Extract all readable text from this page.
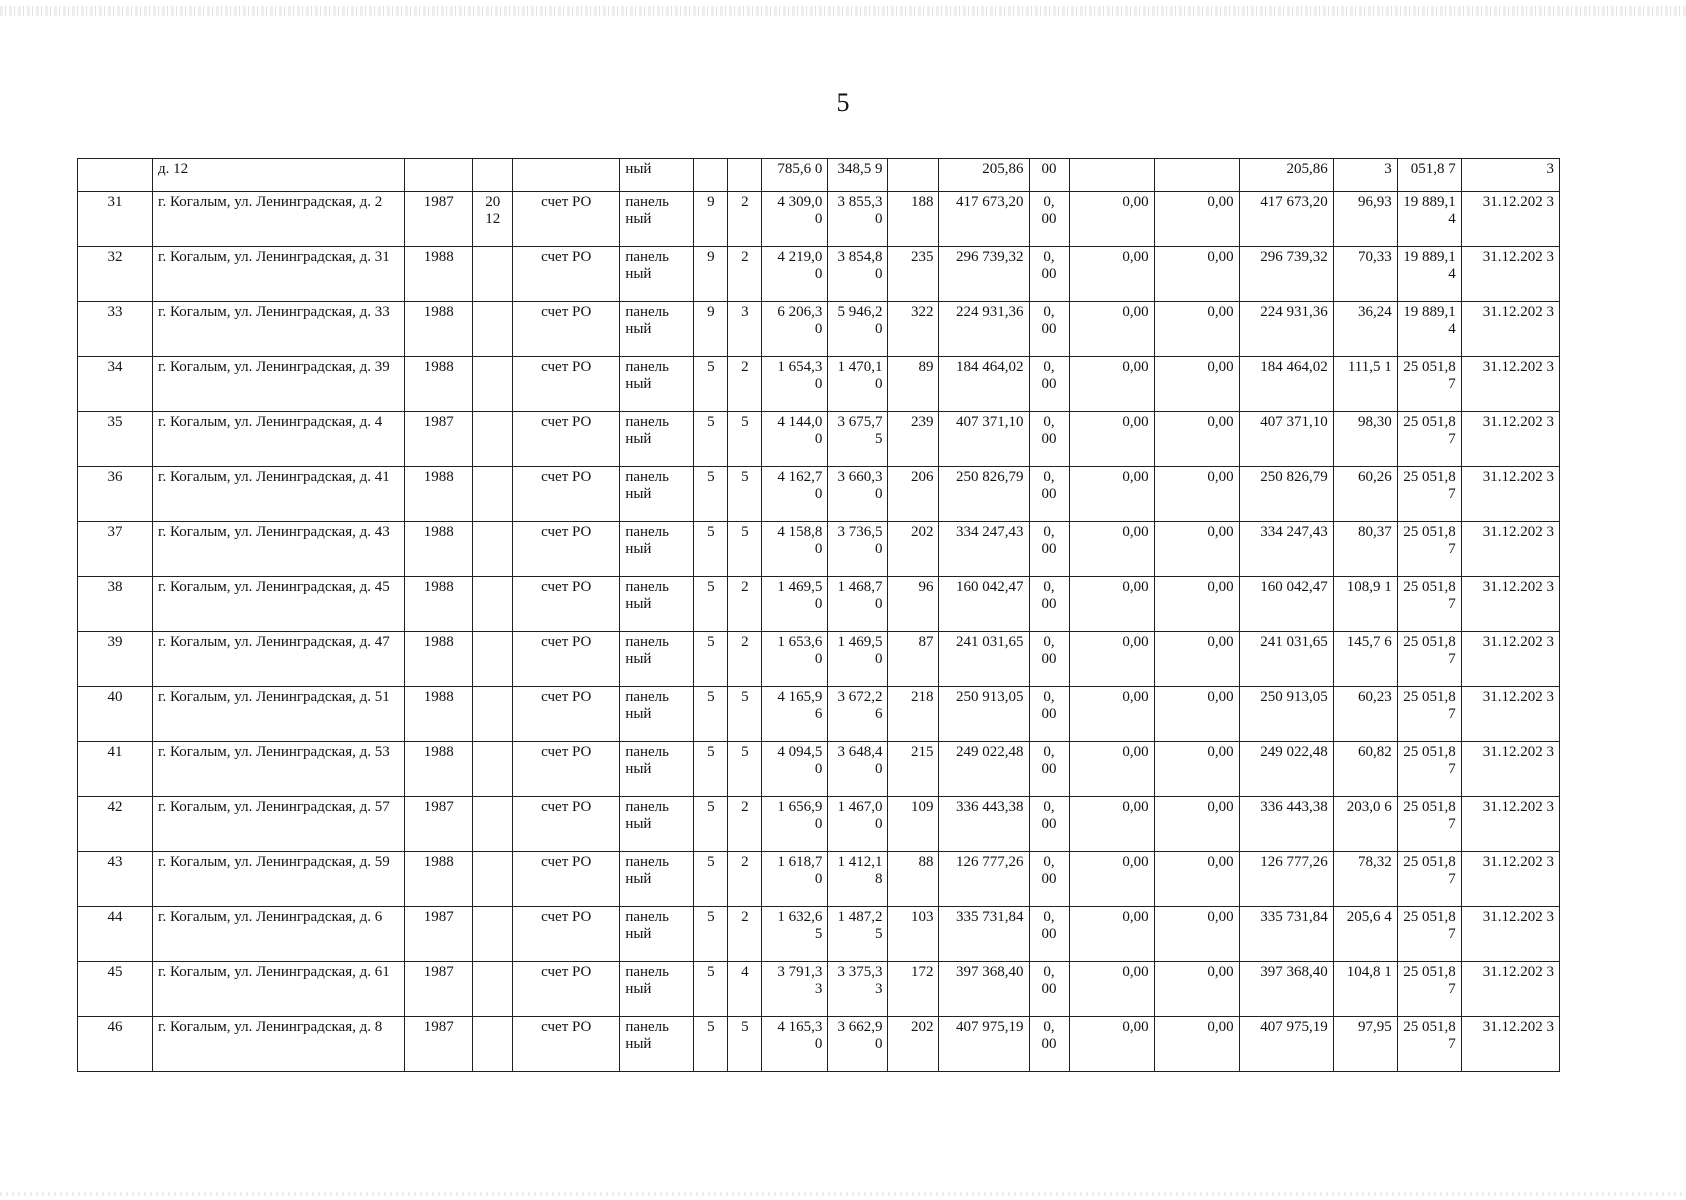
5
	д. 12				ный			785,6 0	348,5 9		205,86	00			205,86	3	051,8 7	3
31	г. Когалым, ул. Ленинградская, д. 2	1987	20 12	счет РО	панель ный	9	2	4 309,0 0	3 855,3 0	188	417 673,20	0, 00	0,00	0,00	417 673,20	96,93	19 889,1 4	31.12.202 3
32	г. Когалым, ул. Ленинградская, д. 31	1988		счет РО	панель ный	9	2	4 219,0 0	3 854,8 0	235	296 739,32	0, 00	0,00	0,00	296 739,32	70,33	19 889,1 4	31.12.202 3
33	г. Когалым, ул. Ленинградская, д. 33	1988		счет РО	панель ный	9	3	6 206,3 0	5 946,2 0	322	224 931,36	0, 00	0,00	0,00	224 931,36	36,24	19 889,1 4	31.12.202 3
34	г. Когалым, ул. Ленинградская, д. 39	1988		счет РО	панель ный	5	2	1 654,3 0	1 470,1 0	89	184 464,02	0, 00	0,00	0,00	184 464,02	111,5 1	25 051,8 7	31.12.202 3
35	г. Когалым, ул. Ленинградская, д. 4	1987		счет РО	панель ный	5	5	4 144,0 0	3 675,7 5	239	407 371,10	0, 00	0,00	0,00	407 371,10	98,30	25 051,8 7	31.12.202 3
36	г. Когалым, ул. Ленинградская, д. 41	1988		счет РО	панель ный	5	5	4 162,7 0	3 660,3 0	206	250 826,79	0, 00	0,00	0,00	250 826,79	60,26	25 051,8 7	31.12.202 3
37	г. Когалым, ул. Ленинградская, д. 43	1988		счет РО	панель ный	5	5	4 158,8 0	3 736,5 0	202	334 247,43	0, 00	0,00	0,00	334 247,43	80,37	25 051,8 7	31.12.202 3
38	г. Когалым, ул. Ленинградская, д. 45	1988		счет РО	панель ный	5	2	1 469,5 0	1 468,7 0	96	160 042,47	0, 00	0,00	0,00	160 042,47	108,9 1	25 051,8 7	31.12.202 3
39	г. Когалым, ул. Ленинградская, д. 47	1988		счет РО	панель ный	5	2	1 653,6 0	1 469,5 0	87	241 031,65	0, 00	0,00	0,00	241 031,65	145,7 6	25 051,8 7	31.12.202 3
40	г. Когалым, ул. Ленинградская, д. 51	1988		счет РО	панель ный	5	5	4 165,9 6	3 672,2 6	218	250 913,05	0, 00	0,00	0,00	250 913,05	60,23	25 051,8 7	31.12.202 3
41	г. Когалым, ул. Ленинградская, д. 53	1988		счет РО	панель ный	5	5	4 094,5 0	3 648,4 0	215	249 022,48	0, 00	0,00	0,00	249 022,48	60,82	25 051,8 7	31.12.202 3
42	г. Когалым, ул. Ленинградская, д. 57	1987		счет РО	панель ный	5	2	1 656,9 0	1 467,0 0	109	336 443,38	0, 00	0,00	0,00	336 443,38	203,0 6	25 051,8 7	31.12.202 3
43	г. Когалым, ул. Ленинградская, д. 59	1988		счет РО	панель ный	5	2	1 618,7 0	1 412,1 8	88	126 777,26	0, 00	0,00	0,00	126 777,26	78,32	25 051,8 7	31.12.202 3
44	г. Когалым, ул. Ленинградская, д. 6	1987		счет РО	панель ный	5	2	1 632,6 5	1 487,2 5	103	335 731,84	0, 00	0,00	0,00	335 731,84	205,6 4	25 051,8 7	31.12.202 3
45	г. Когалым, ул. Ленинградская, д. 61	1987		счет РО	панель ный	5	4	3 791,3 3	3 375,3 3	172	397 368,40	0, 00	0,00	0,00	397 368,40	104,8 1	25 051,8 7	31.12.202 3
46	г. Когалым, ул. Ленинградская, д. 8	1987		счет РО	панель ный	5	5	4 165,3 0	3 662,9 0	202	407 975,19	0, 00	0,00	0,00	407 975,19	97,95	25 051,8 7	31.12.202 3
